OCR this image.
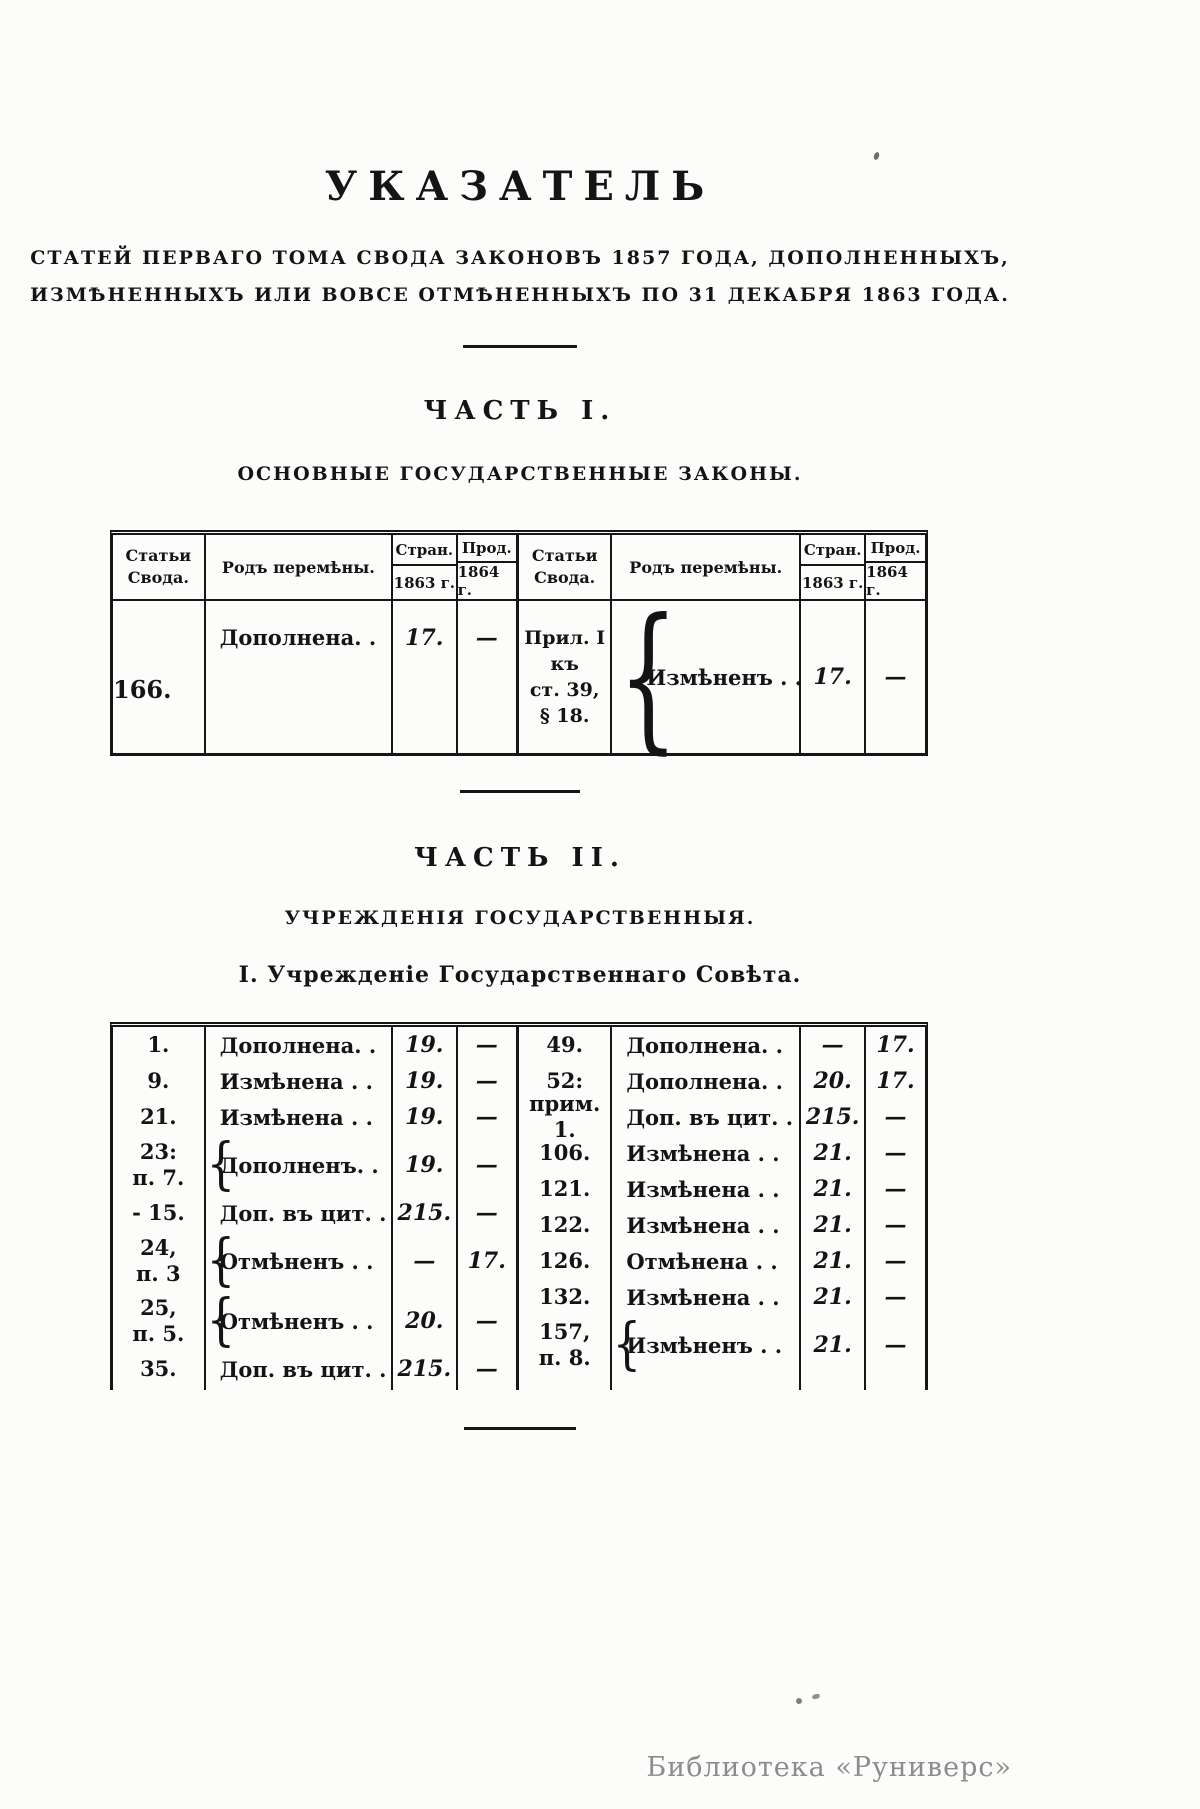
УКАЗАТЕЛЬ
СТАТЕЙ ПЕРВАГО ТОМА СВОДА ЗАКОНОВЪ 1857 ГОДА, ДОПОЛНЕННЫХЪ,
ИЗМѢНЕННЫХЪ ИЛИ ВОВСЕ ОТМѢНЕННЫХЪ ПО 31 ДЕКАБРЯ 1863 ГОДА.
ЧАСТЬ I.
ОСНОВНЫЕ ГОСУДАРСТВЕННЫЕ ЗАКОНЫ.
Статьи
Свода.
Родъ перемѣны.
Стран.
1863 г.
Прод.
1864 г.
166.
Дополнена. . 17. —
Статьи
Свода.
Родъ перемѣны.
Стран.
1863 г.
Прод.
1864 г.
Прил. I
къ
ст. 39,
§ 18. {
Измѣненъ . . 17. —
ЧАСТЬ II.
УЧРЕЖДЕНІЯ ГОСУДАРСТВЕННЫЯ.
I. Учрежденіе Государственнаго Совѣта.
1. Дополнена. . 19. —
9. Измѣнена . . 19. —
21. Измѣнена . . 19. —
23:
п. 7. {
Дополненъ. . 19. —
- 15. Доп. въ цит. . 215. —
24,
п. 3 {
Отмѣненъ . . — 17.
25,
п. 5. {
Отмѣненъ . . 20. —
35. Доп. въ цит. . 215. —
49. Дополнена. . — 17.
52: Дополнена. . 20. 17.
прим. 1.	Доп. въ цит. . 215. —
106. Измѣнена . . 21. —
121. Измѣнена . . 21. —
122. Измѣнена . . 21. —
126. Отмѣнена . . 21. —
132. Измѣнена . . 21. —
157,
п. 8. {
Измѣненъ . . 21. —
Библиотека «Руниверс»
